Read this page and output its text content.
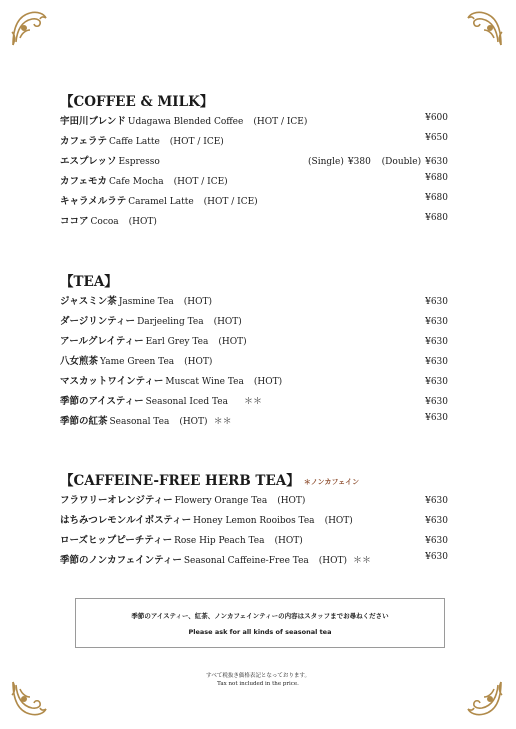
【COFFEE & MILK】
宇田川ブレンド Udagawa Blended Coffee (HOT / ICE)	¥600
カフェラテ Caffe Latte (HOT / ICE)	¥650
エスプレッソ Espresso	(Single) ¥380 (Double) ¥630
カフェモカ Cafe Mocha (HOT / ICE)	¥680
キャラメルラテ Caramel Latte (HOT / ICE)	¥680
ココア Cocoa (HOT)	¥680
【TEA】
ジャスミン茶 Jasmine Tea (HOT)	¥630
ダージリンティー Darjeeling Tea (HOT)	¥630
アールグレイティー Earl Grey Tea (HOT)	¥630
八女煎茶 Yame Green Tea (HOT)	¥630
マスカットワインティー Muscat Wine Tea (HOT)	¥630
季節のアイスティー Seasonal Iced Tea ＊＊	¥630
季節の紅茶 Seasonal Tea (HOT) ＊＊	¥630
【CAFFEINE-FREE HERB TEA】 ＊ノンカフェイン
フラワリーオレンジティー Flowery Orange Tea (HOT)	¥630
はちみつレモンルイボスティー Honey Lemon Rooibos Tea (HOT)	¥630
ローズヒップピーチティー Rose Hip Peach Tea (HOT)	¥630
季節のノンカフェインティー Seasonal Caffeine-Free Tea (HOT) ＊＊	¥630
季節のアイスティー、紅茶、ノンカフェインティーの内容はスタッフまでお尋ねください
Please ask for all kinds of seasonal tea
すべて税抜き価格表記となっております。
Tax not included in the price.
